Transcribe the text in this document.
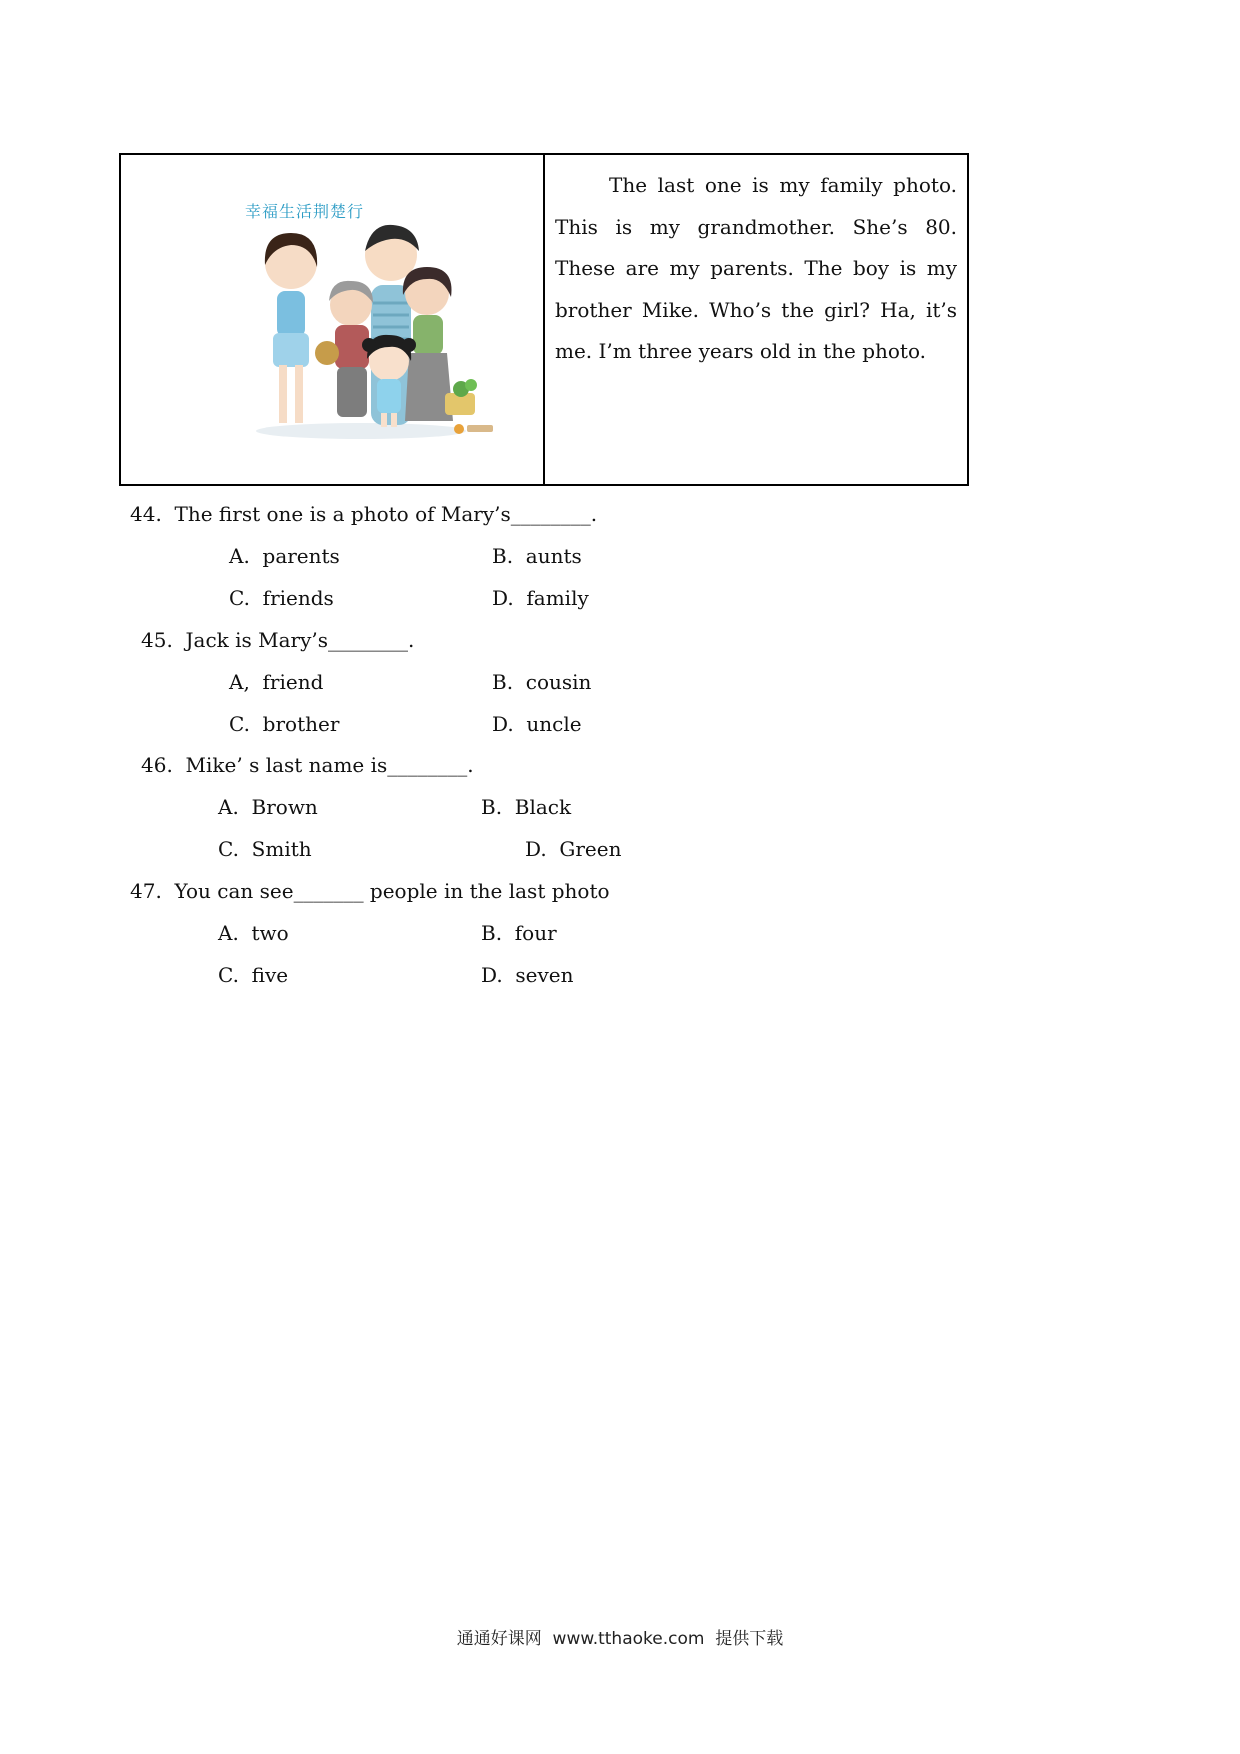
幸福生活荆楚行

The last one is my family photo. This is my grandmother. She’s 80. These are my parents. The boy is my brother Mike. Who’s the girl? Ha, it’s me. I’m three years old in the photo.

44.  The first one is a photo of Mary’s________.
A.  parents	B.  aunts
C.  friends	D.  family
45.  Jack is Mary’s________.
A,  friend	B.  cousin
C.  brother	D.  uncle
46.  Mike’ s last name is________.
A.  Brown	B.  Black
C.  Smith	D.  Green
47.  You can see_______ people in the last photo
A.  two	B.  four
C.  five	D.  seven
通通好课网  www.tthaoke.com  提供下载
